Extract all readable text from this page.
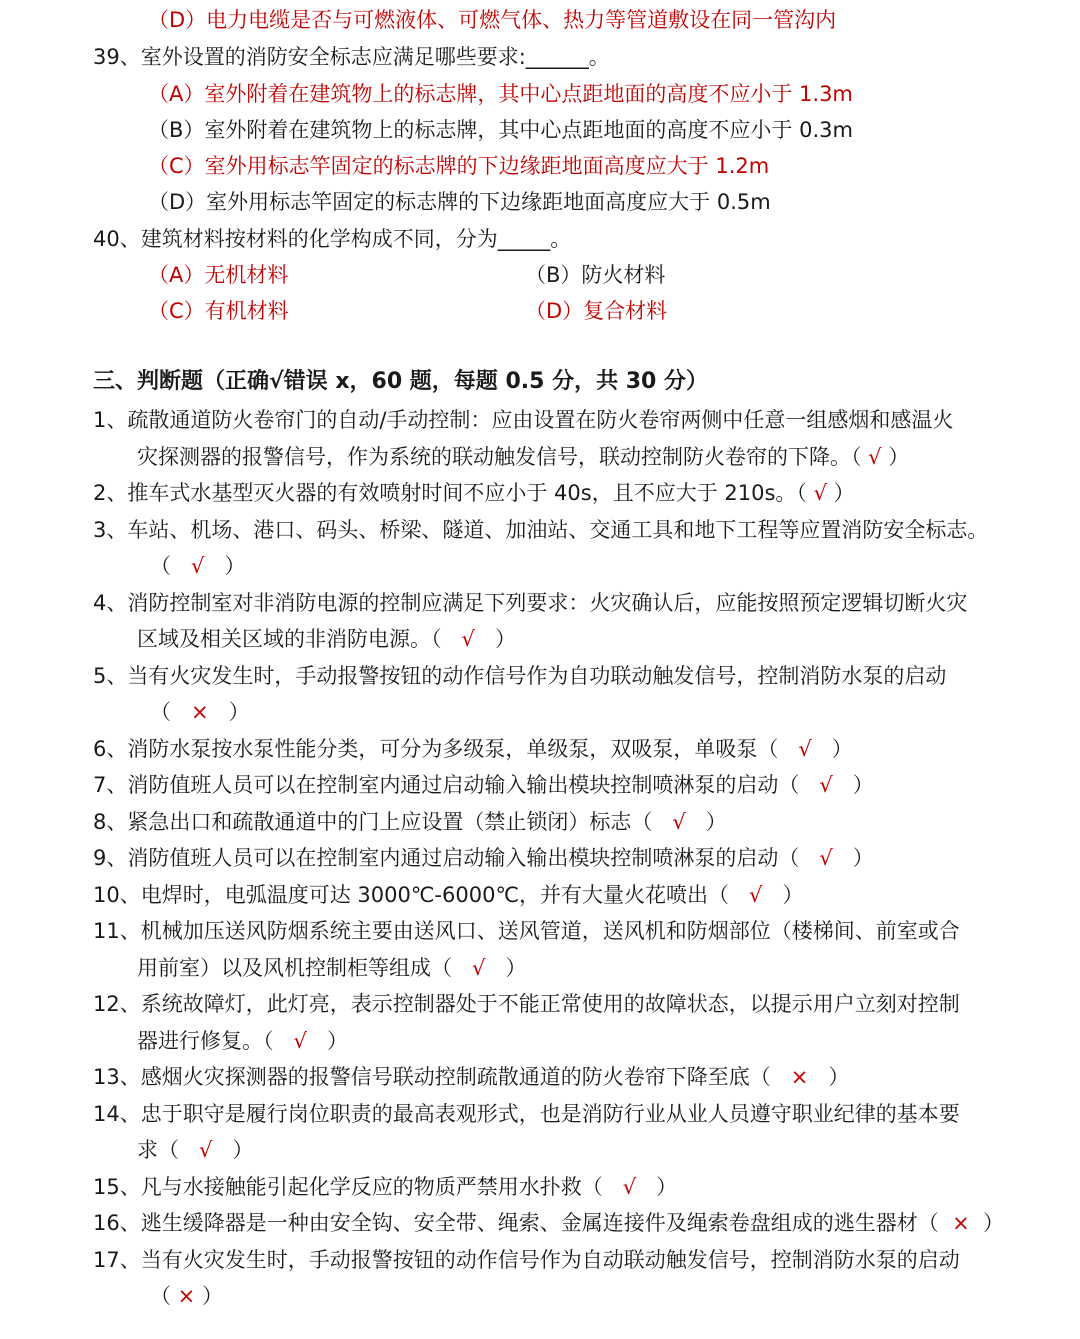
（D）电力电缆是否与可燃液体、可燃气体、热力等管道敷设在同一管沟内
39、室外设置的消防安全标志应满足哪些要求:______。
（A）室外附着在建筑物上的标志牌，其中心点距地面的高度不应小于 1.3m
（B）室外附着在建筑物上的标志牌，其中心点距地面的高度不应小于 0.3m
（C）室外用标志竿固定的标志牌的下边缘距地面高度应大于 1.2m
（D）室外用标志竿固定的标志牌的下边缘距地面高度应大于 0.5m
40、建筑材料按材料的化学构成不同，分为_____。
（A）无机材料	（B）防火材料
（C）有机材料	（D）复合材料
三、判断题（正确√错误 x，60 题，每题 0.5 分，共 30 分）
1、疏散通道防火卷帘门的自动/手动控制：应由设置在防火卷帘两侧中任意一组感烟和感温火
灾探测器的报警信号，作为系统的联动触发信号，联动控制防火卷帘的下降。（ √ ）
2、推车式水基型灭火器的有效喷射时间不应小于 40s，且不应大于 210s。（ √ ）
3、车站、机场、港口、码头、桥梁、隧道、加油站、交通工具和地下工程等应置消防安全标志。
（   √   ）
4、消防控制室对非消防电源的控制应满足下列要求：火灾确认后，应能按照预定逻辑切断火灾
区域及相关区域的非消防电源。（   √   ）
5、当有火灾发生时，手动报警按钮的动作信号作为自功联动触发信号，控制消防水泵的启动
（   ×   ）
6、消防水泵按水泵性能分类，可分为多级泵，单级泵，双吸泵，单吸泵（   √   ）
7、消防值班人员可以在控制室内通过启动输入输出模块控制喷淋泵的启动（   √   ）
8、紧急出口和疏散通道中的门上应设置（禁止锁闭）标志（   √   ）
9、消防值班人员可以在控制室内通过启动输入输出模块控制喷淋泵的启动（   √   ）
10、电焊时，电弧温度可达 3000℃-6000℃，并有大量火花喷出（   √   ）
11、机械加压送风防烟系统主要由送风口、送风管道，送风机和防烟部位（楼梯间、前室或合
用前室）以及风机控制柜等组成（   √   ）
12、系统故障灯，此灯亮，表示控制器处于不能正常使用的故障状态，以提示用户立刻对控制
器进行修复。（   √   ）
13、感烟火灾探测器的报警信号联动控制疏散通道的防火卷帘下降至底（   ×   ）
14、忠于职守是履行岗位职责的最高表观形式，也是消防行业从业人员遵守职业纪律的基本要
求（   √   ）
15、凡与水接触能引起化学反应的物质严禁用水扑救（   √   ）
16、逃生缓降器是一种由安全钩、安全带、绳索、金属连接件及绳索卷盘组成的逃生器材（  ×  ）
17、当有火灾发生时，手动报警按钮的动作信号作为自动联动触发信号，控制消防水泵的启动
（ × ）
